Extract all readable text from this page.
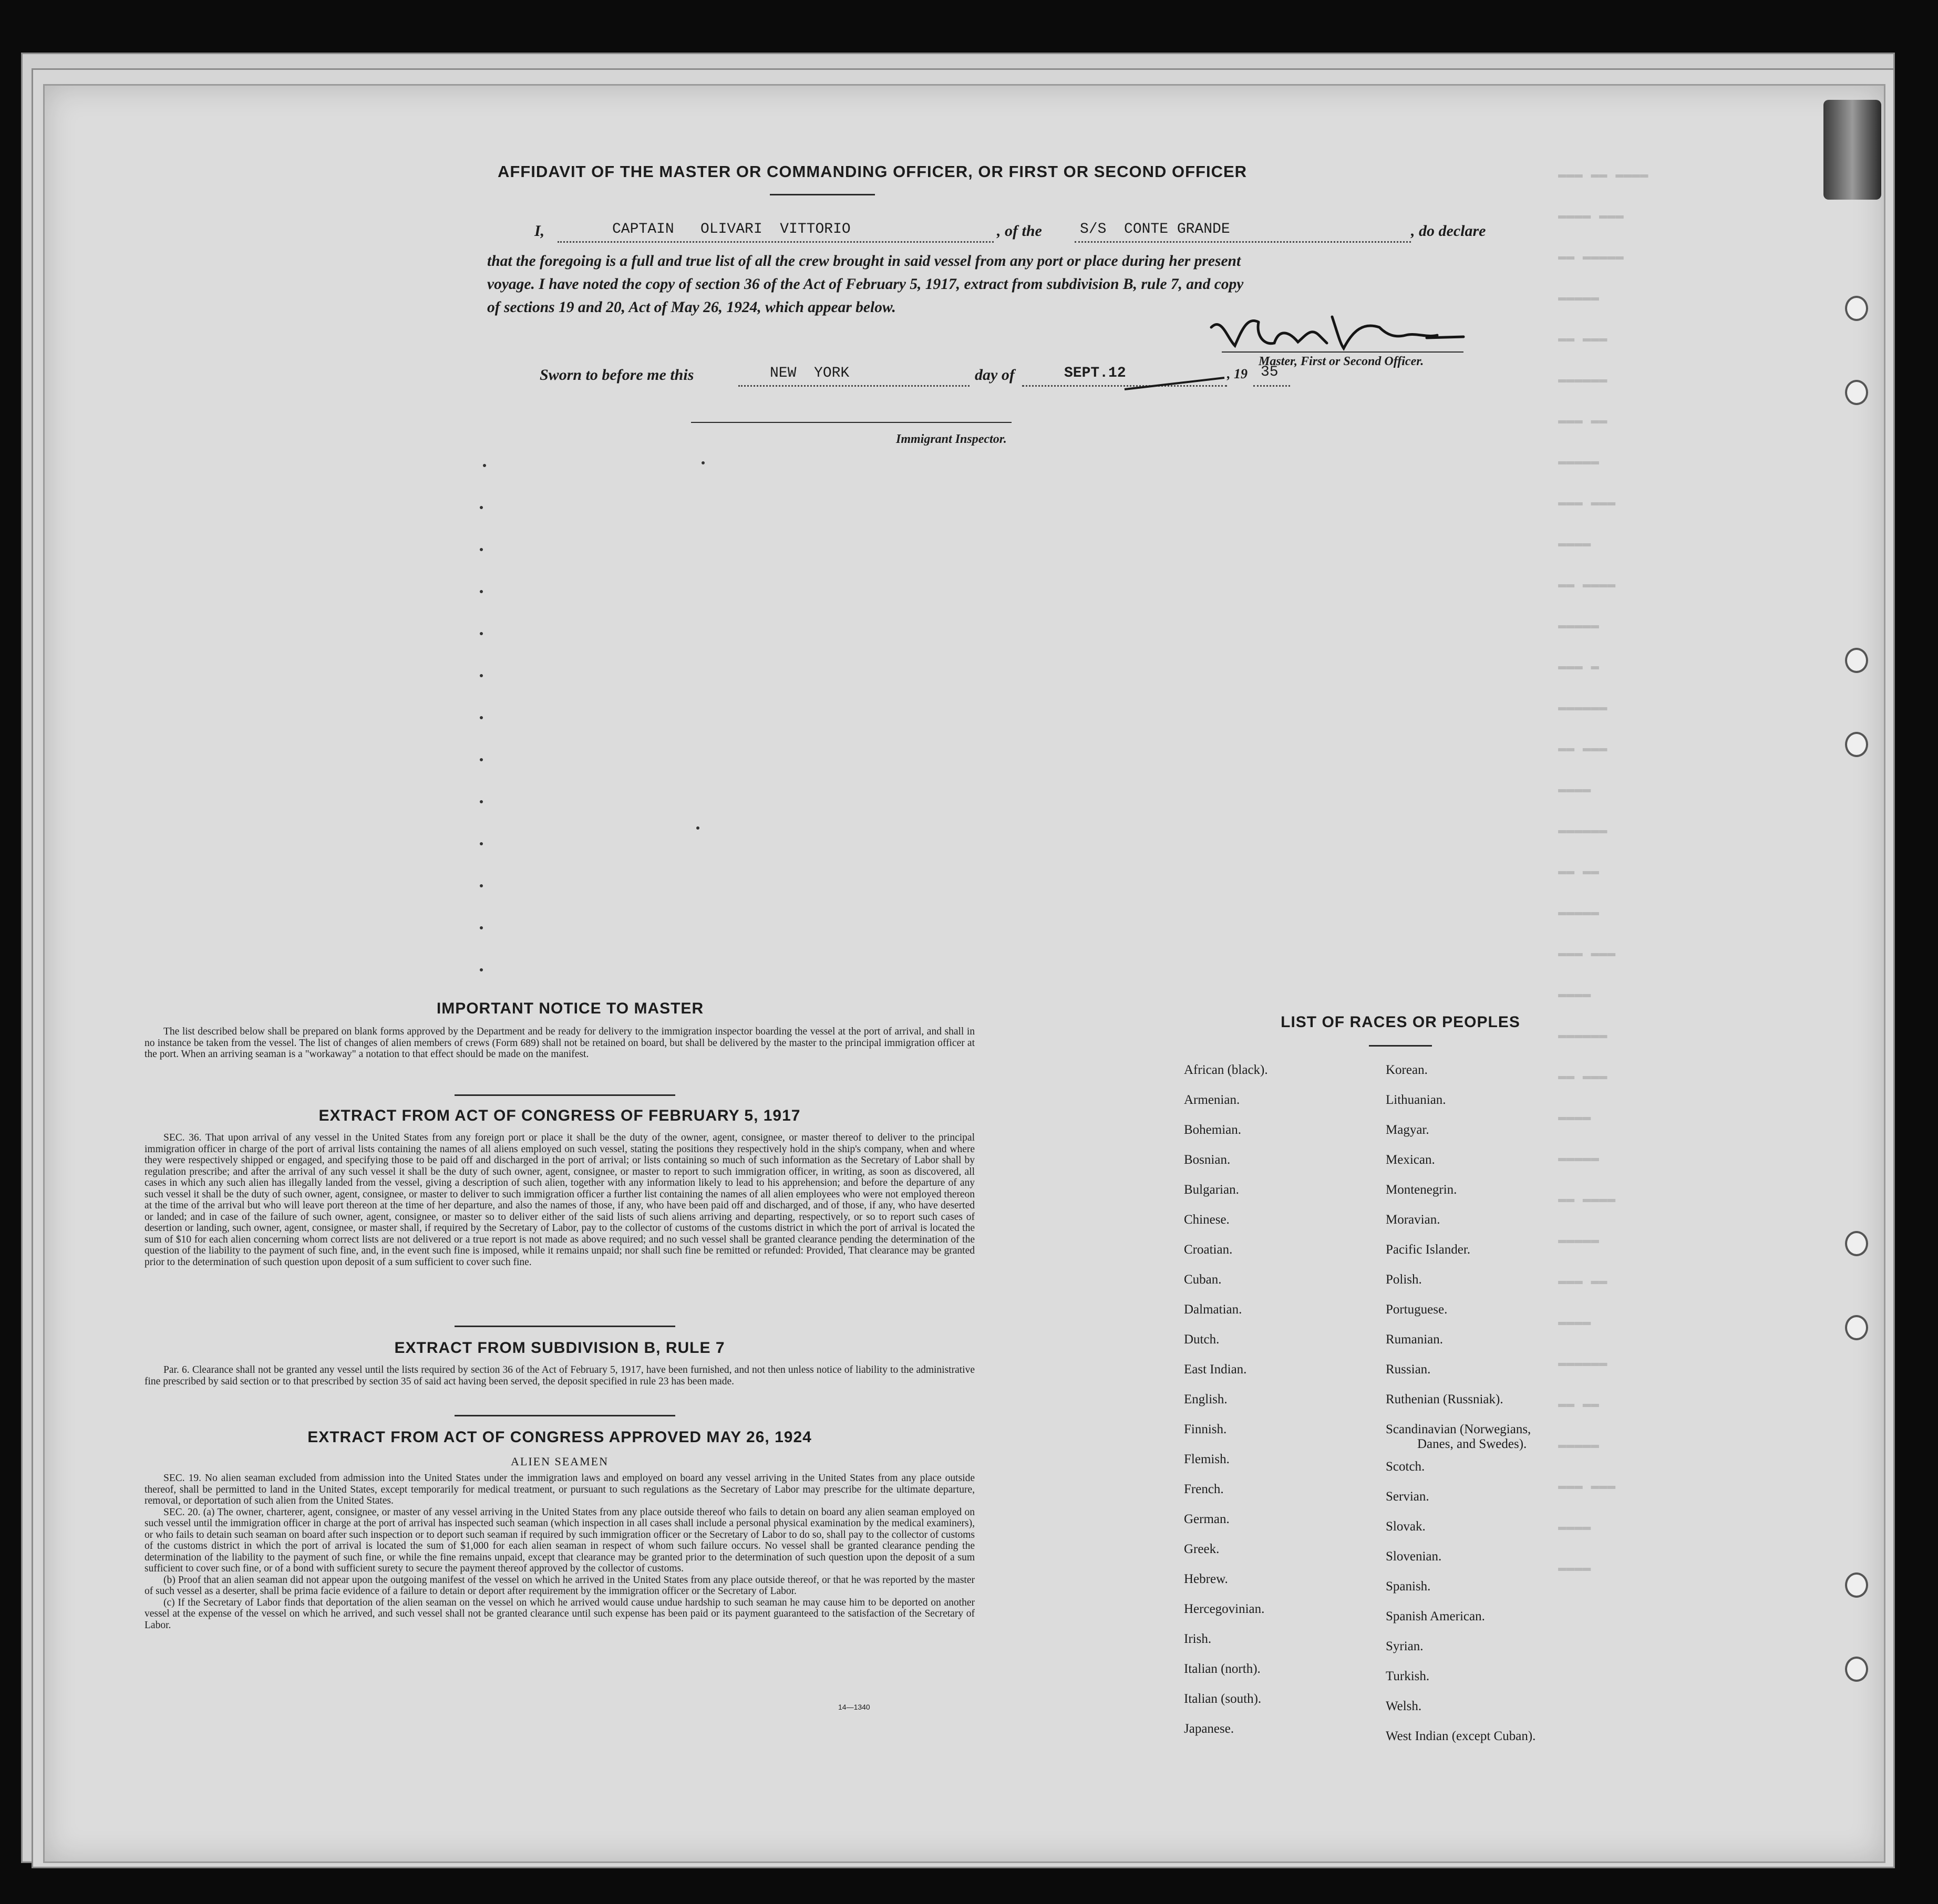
▬▬▬ ▬▬ ▬▬▬▬
▬▬▬▬ ▬▬▬
▬▬ ▬▬▬▬▬
▬▬▬▬▬
▬▬ ▬▬▬
▬▬▬▬▬▬
▬▬▬ ▬▬
▬▬▬▬▬
▬▬▬ ▬▬▬
▬▬▬▬
▬▬ ▬▬▬▬
▬▬▬▬▬
▬▬▬ ▬
▬▬▬▬▬▬
▬▬ ▬▬▬
▬▬▬▬
▬▬▬▬▬▬
▬▬ ▬▬
▬▬▬▬▬
▬▬▬ ▬▬▬
▬▬▬▬
▬▬▬▬▬▬
▬▬ ▬▬▬
▬▬▬▬
▬▬▬▬▬
▬▬ ▬▬▬▬
▬▬▬▬▬
▬▬▬ ▬▬
▬▬▬▬
▬▬▬▬▬▬
▬▬ ▬▬
▬▬▬▬▬
▬▬▬ ▬▬▬
▬▬▬▬
▬▬▬▬
AFFIDAVIT OF THE MASTER OR COMMANDING OFFICER, OR FIRST OR SECOND OFFICER
I,	CAPTAIN   OLIVARI  VITTORIO	, of the	S/S  CONTE GRANDE	, do declare
that the foregoing is a full and true list of all the crew brought in said vessel from any port or place during her present
voyage. I have noted the copy of section 36 of the Act of February 5, 1917, extract from subdivision B, rule 7, and copy
of sections 19 and 20, Act of May 26, 1924, which appear below.
Master, First or Second Officer.
Sworn to before me this	NEW  YORK	day of	SEPT.12	, 19 35
Immigrant Inspector.
IMPORTANT NOTICE TO MASTER

The list described below shall be prepared on blank forms approved by the Department and be ready for delivery to the immigration inspector boarding the vessel at the port of arrival, and shall in no instance be taken from the vessel. The list of changes of alien members of crews (Form 689) shall not be retained on board, but shall be delivered by the master to the principal immigration officer at the port. When an arriving seaman is a "workaway" a notation to that effect should be made on the manifest.

EXTRACT FROM ACT OF CONGRESS OF FEBRUARY 5, 1917

SEC. 36. That upon arrival of any vessel in the United States from any foreign port or place it shall be the duty of the owner, agent, consignee, or master thereof to deliver to the principal immigration officer in charge of the port of arrival lists containing the names of all aliens employed on such vessel, stating the positions they respectively hold in the ship's company, when and where they were respectively shipped or engaged, and specifying those to be paid off and discharged in the port of arrival; or lists containing so much of such information as the Secretary of Labor shall by regulation prescribe; and after the arrival of any such vessel it shall be the duty of such owner, agent, consignee, or master to report to such immigration officer, in writing, as soon as discovered, all cases in which any such alien has illegally landed from the vessel, giving a description of such alien, together with any information likely to lead to his apprehension; and before the departure of any such vessel it shall be the duty of such owner, agent, consignee, or master to deliver to such immigration officer a further list containing the names of all alien employees who were not employed thereon at the time of the arrival but who will leave port thereon at the time of her departure, and also the names of those, if any, who have been paid off and discharged, and of those, if any, who have deserted or landed; and in case of the failure of such owner, agent, consignee, or master so to deliver either of the said lists of such aliens arriving and departing, respectively, or so to report such cases of desertion or landing, such owner, agent, consignee, or master shall, if required by the Secretary of Labor, pay to the collector of customs of the customs district in which the port of arrival is located the sum of $10 for each alien concerning whom correct lists are not delivered or a true report is not made as above required; and no such vessel shall be granted clearance pending the determination of the question of the liability to the payment of such fine, and, in the event such fine is imposed, while it remains unpaid; nor shall such fine be remitted or refunded: Provided, That clearance may be granted prior to the determination of such question upon deposit of a sum sufficient to cover such fine.

EXTRACT FROM SUBDIVISION B, RULE 7

Par. 6. Clearance shall not be granted any vessel until the lists required by section 36 of the Act of February 5, 1917, have been furnished, and not then unless notice of liability to the administrative fine prescribed by said section or to that prescribed by section 35 of said act having been served, the deposit specified in rule 23 has been made.

EXTRACT FROM ACT OF CONGRESS APPROVED MAY 26, 1924
ALIEN SEAMEN

SEC. 19. No alien seaman excluded from admission into the United States under the immigration laws and employed on board any vessel arriving in the United States from any place outside thereof, shall be permitted to land in the United States, except temporarily for medical treatment, or pursuant to such regulations as the Secretary of Labor may prescribe for the ultimate departure, removal, or deportation of such alien from the United States.

SEC. 20. (a) The owner, charterer, agent, consignee, or master of any vessel arriving in the United States from any place outside thereof who fails to detain on board any alien seaman employed on such vessel until the immigration officer in charge at the port of arrival has inspected such seaman (which inspection in all cases shall include a personal physical examination by the medical examiners), or who fails to detain such seaman on board after such inspection or to deport such seaman if required by such immigration officer or the Secretary of Labor to do so, shall pay to the collector of customs of the customs district in which the port of arrival is located the sum of $1,000 for each alien seaman in respect of whom such failure occurs. No vessel shall be granted clearance pending the determination of the liability to the payment of such fine, or while the fine remains unpaid, except that clearance may be granted prior to the determination of such question upon the deposit of a sum sufficient to cover such fine, or of a bond with sufficient surety to secure the payment thereof approved by the collector of customs.

(b) Proof that an alien seaman did not appear upon the outgoing manifest of the vessel on which he arrived in the United States from any place outside thereof, or that he was reported by the master of such vessel as a deserter, shall be prima facie evidence of a failure to detain or deport after requirement by the immigration officer or the Secretary of Labor.

(c) If the Secretary of Labor finds that deportation of the alien seaman on the vessel on which he arrived would cause undue hardship to such seaman he may cause him to be deported on another vessel at the expense of the vessel on which he arrived, and such vessel shall not be granted clearance until such expense has been paid or its payment guaranteed to the satisfaction of the Secretary of Labor.

14—1340
LIST OF RACES OR PEOPLES
African (black).
Armenian.
Bohemian.
Bosnian.
Bulgarian.
Chinese.
Croatian.
Cuban.
Dalmatian.
Dutch.
East Indian.
English.
Finnish.
Flemish.
French.
German.
Greek.
Hebrew.
Hercegovinian.
Irish.
Italian (north).
Italian (south).
Japanese.
Korean.
Lithuanian.
Magyar.
Mexican.
Montenegrin.
Moravian.
Pacific Islander.
Polish.
Portuguese.
Rumanian.
Russian.
Ruthenian (Russniak).
Scandinavian (Norwegians,
Danes, and Swedes).
Scotch.
Servian.
Slovak.
Slovenian.
Spanish.
Spanish American.
Syrian.
Turkish.
Welsh.
West Indian (except Cuban).
